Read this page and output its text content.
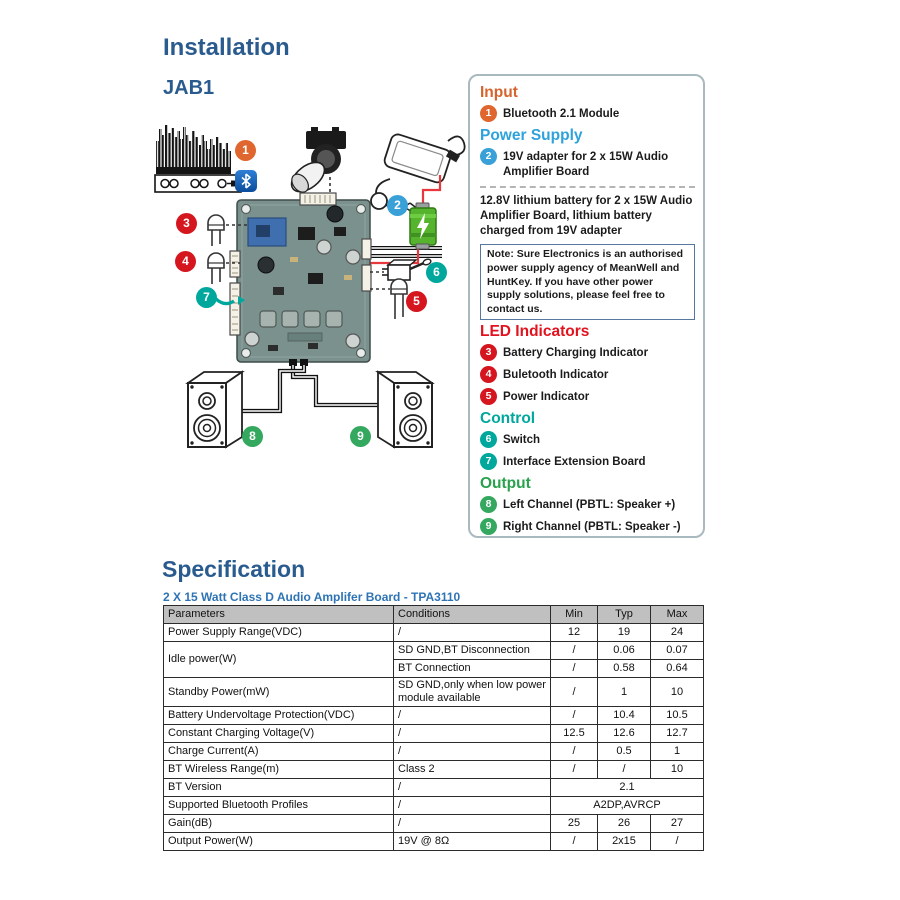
Installation
JAB1
1
2
3
4
5
6
7
8	9
Input
1	Bluetooth 2.1 Module
Power Supply
2	19V adapter for 2 x 15W Audio Amplifier Board
12.8V lithium battery for 2 x 15W Audio Amplifier Board, lithium battery charged from 19V adapter
Note: Sure Electronics is an authorised power supply agency of MeanWell and HuntKey. If you have other power supply solutions, please feel free to contact us.
LED Indicators
3	Battery Charging Indicator
4	Buletooth Indicator
5	Power Indicator
Control
6	Switch
7	Interface Extension Board
Output
8	Left Channel (PBTL: Speaker +)
9	Right Channel (PBTL: Speaker -)
Specification
2 X 15 Watt Class D Audio Amplifer Board - TPA3110
Parameters	Conditions	Min	Typ	Max
Power Supply Range(VDC)	/	12	19	24
Idle power(W)	SD GND,BT Disconnection	/	0.06	0.07
	BT Connection	/	0.58	0.64
Standby Power(mW)	SD GND,only when low power module available	/	1	10
Battery Undervoltage Protection(VDC)	/	/	10.4	10.5
Constant Charging Voltage(V)	/	12.5	12.6	12.7
Charge Current(A)	/	/	0.5	1
BT Wireless Range(m)	Class 2	/	/	10
BT Version	/	2.1		
Supported Bluetooth Profiles	/	A2DP,AVRCP		
Gain(dB)	/	25	26	27
Output Power(W)	19V @ 8Ω	/	2x15	/
